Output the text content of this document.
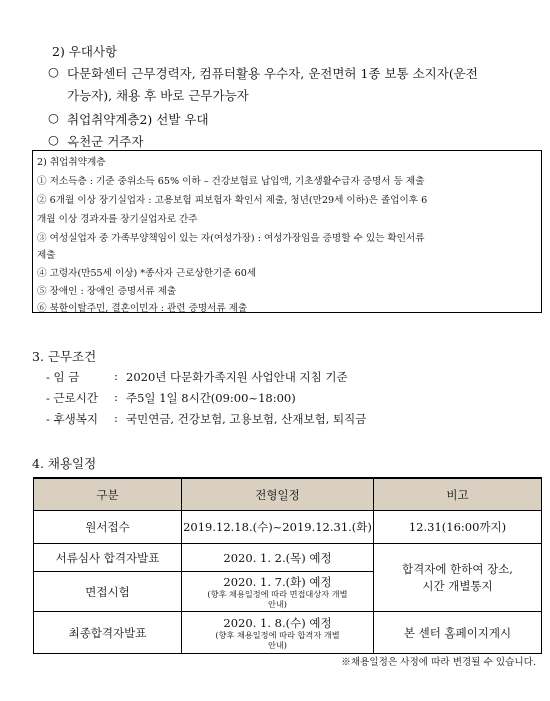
2) 우대사항
○ 다문화센터 근무경력자, 컴퓨터활용 우수자, 운전면허 1종 보통 소지자(운전
가능자), 채용 후 바로 근무가능자
○ 취업취약계층2) 선발 우대
○ 옥천군 거주자
2) 취업취약계층
① 저소득층 : 기준 중위소득 65% 이하 – 건강보험료 납입액, 기초생활수급자 증명서 등 제출
② 6개월 이상 장기실업자 : 고용보험 피보험자 확인서 제출, 청년(만29세 이하)은 졸업이후 6
개월 이상 경과자를 장기실업자로 간주
③ 여성실업자 중 가족부양책임이 있는 자(여성가장) : 여성가장임을 증명할 수 있는 확인서류
제출
④ 고령자(만55세 이상) *종사자 근로상한기준 60세
⑤ 장애인 : 장애인 증명서류 제출
⑥ 북한이탈주민, 결혼이민자 : 관련 증명서류 제출
3. 근무조건
- 임 금	: 2020년 다문화가족지원 사업안내 지침 기준
- 근로시간 : 주5일 1일 8시간(09:00~18:00)
- 후생복지 : 국민연금, 건강보험, 고용보험, 산재보험, 퇴직금
4. 채용일정
구분	전형일정	비고
원서접수	2019.12.18.(수)~2019.12.31.(화)	12.31(16:00까지)
서류심사 합격자발표	2020. 1. 2.(목) 예정	합격자에 한하여 장소, 시간 개별통지

면접시험	2020. 1. 7.(화) 예정
(향후 채용일정에 따라 면접대상자 개별안내)	

최종합격자발표	2020. 1. 8.(수) 예정
(향후 채용일정에 따라 합격자 개별안내)	본 센터 홈페이지게시
※채용일정은 사정에 따라 변경될 수 있습니다.
